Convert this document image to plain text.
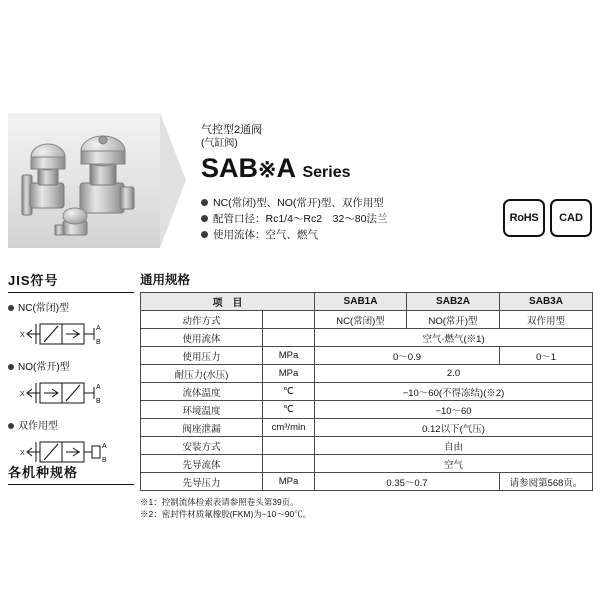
气控型2通阀
(气缸阀)
SAB※A Series
NC(常闭)型、NO(常开)型、双作用型
配管口径：Rc1/4〜Rc2　32〜80法兰
使用流体：空气、燃气
RoHS	CAD
JIS符号
NC(常闭)型
X
A
B
NO(常开)型
X
A
B
双作用型
X
A
B
各机种规格
通用规格
项　目		SAB1A	SAB2A	SAB3A
动作方式		NC(常闭)型	NO(常开)型	双作用型
使用流体		空气·燃气(※1)		
使用压力	MPa	0〜0.9		0〜1
耐压力(水压)	MPa	2.0		
流体温度	℃	−10〜60(不得冻结)(※2)		
环境温度	℃	−10〜60		
阀座泄漏	cm³/min	0.12以下(气压)		
安装方式		自由		
先导流体		空气		
先导压力	MPa	0.35〜0.7		请参阅第568页。
※1：控制流体检索表请参照卷头第39页。
※2：密封件材质氟橡胶(FKM)为−10〜90℃。
